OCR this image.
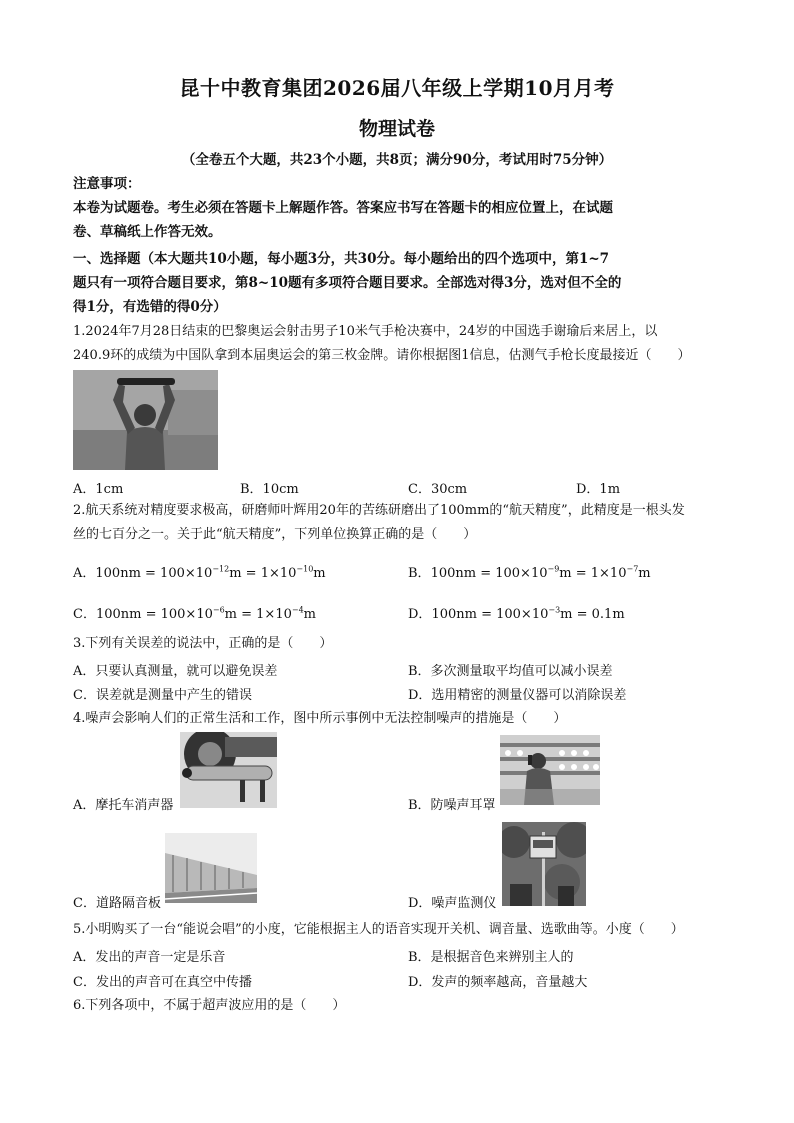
昆十中教育集团2026届八年级上学期10月月考
物理试卷
（全卷五个大题，共23个小题，共8页；满分90分，考试用时75分钟）
注意事项：
本卷为试题卷。考生必须在答题卡上解题作答。答案应书写在答题卡的相应位置上，在试题
卷、草稿纸上作答无效。
一、选择题（本大题共10小题，每小题3分，共30分。每小题给出的四个选项中，第1~7
题只有一项符合题目要求，第8~10题有多项符合题目要求。全部选对得3分，选对但不全的
得1分，有选错的得0分）
1.2024年7月28日结束的巴黎奥运会射击男子10米气手枪决赛中，24岁的中国选手谢瑜后来居上，以
240.9环的成绩为中国队拿到本届奥运会的第三枚金牌。请你根据图1信息，估测气手枪长度最接近（　　）
A．1cm	B．10cm	C．30cm	D．1m
2.航天系统对精度要求极高，研磨师叶辉用20年的苦练研磨出了100mm的“航天精度”，此精度是一根头发
丝的七百分之一。关于此“航天精度”，下列单位换算正确的是（　　）
A．$100nm = 100\times 10^{-12}m = 1\times 10^{-10}m$	B．$100nm = 100\times 10^{-9}m = 1\times 10^{-7}m$
C．$100nm = 100\times 10^{-6}m = 1\times 10^{-4}m$	D．$100nm = 100\times 10^{-3}m = 0.1m$
3.下列有关误差的说法中，正确的是（　　）
A．只要认真测量，就可以避免误差	B．多次测量取平均值可以减小误差
C．误差就是测量中产生的错误	D．选用精密的测量仪器可以消除误差
4.噪声会影响人们的正常生活和工作，图中所示事例中无法控制噪声的措施是（　　）
A．摩托车消声器	B．防噪声耳罩
C．道路隔音板	D．噪声监测仪
5.小明购买了一台“能说会唱”的小度，它能根据主人的语音实现开关机、调音量、选歌曲等。小度（　　）
A．发出的声音一定是乐音	B．是根据音色来辨别主人的
C．发出的声音可在真空中传播	D．发声的频率越高，音量越大
6.下列各项中，不属于超声波应用的是（　　）
